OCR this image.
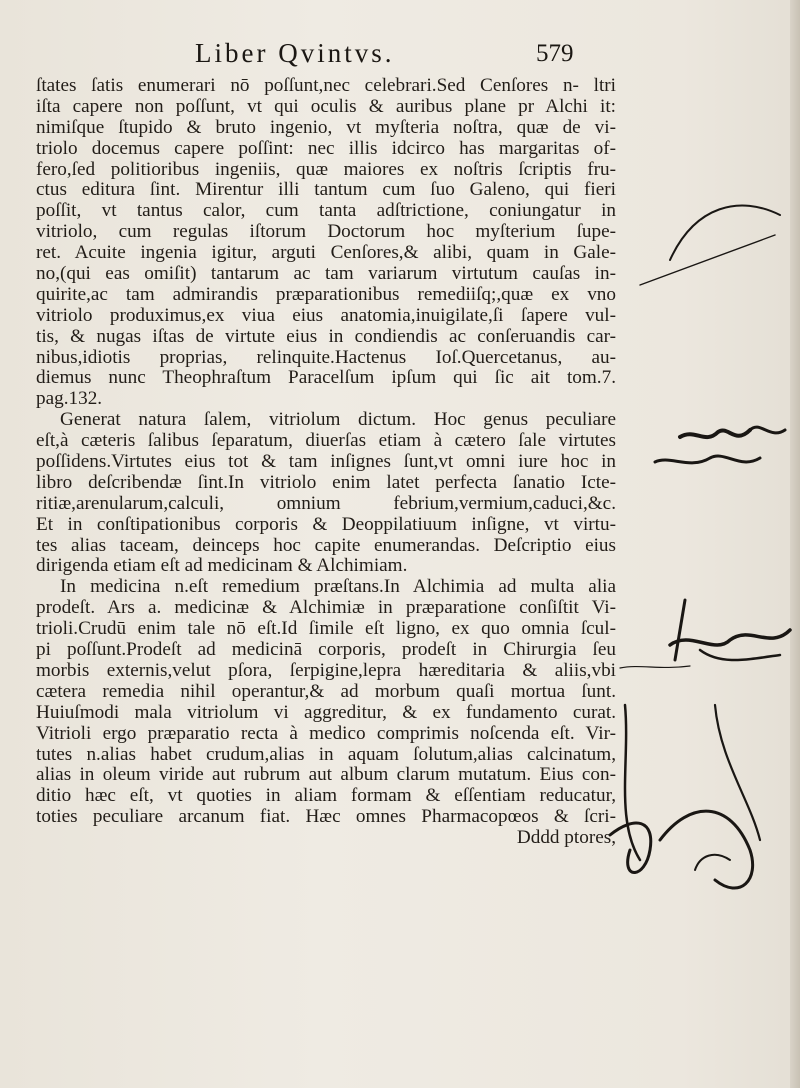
Liber Qvintvs.	579
ſtates ſatis enumerari nō poſſunt,nec celebrari.Sed Cenſores n- ltri
iſta capere non poſſunt, vt qui oculis & auribus plane pr Alchi it:
nimiſque ſtupido & bruto ingenio, vt myſteria noſtra, quæ de vi-
triolo docemus capere poſſint: nec illis idcirco has margaritas of-
fero,ſed politioribus ingeniis, quæ maiores ex noſtris ſcriptis fru-
ctus editura ſint. Mirentur illi tantum cum ſuo Galeno, qui fieri
poſſit, vt tantus calor, cum tanta adſtrictione, coniungatur in
vitriolo, cum regulas iſtorum Doctorum hoc myſterium ſupe-
ret. Acuite ingenia igitur, arguti Cenſores,& alibi, quam in Gale-
no,(qui eas omiſit) tantarum ac tam variarum virtutum cauſas in-
quirite,ac tam admirandis præparationibus remediiſq;,quæ ex vno
vitriolo produximus,ex viua eius anatomia,inuigilate,ſi ſapere vul-
tis, & nugas iſtas de virtute eius in condiendis ac conſeruandis car-
nibus,idiotis proprias, relinquite.Hactenus Ioſ.Quercetanus, au-
diemus nunc Theophraſtum Paracelſum ipſum qui ſic ait tom.7.
pag.132.
Generat natura ſalem, vitriolum dictum. Hoc genus peculiare
eſt,à cæteris ſalibus ſeparatum, diuerſas etiam à cætero ſale virtutes
poſſidens.Virtutes eius tot & tam inſignes ſunt,vt omni iure hoc in
libro deſcribendæ ſint.In vitriolo enim latet perfecta ſanatio Icte-
ritiæ,arenularum,calculi, omnium febrium,vermium,caduci,&c.
Et in conſtipationibus corporis & Deoppilatiuum inſigne, vt virtu-
tes alias taceam, deinceps hoc capite enumerandas. Deſcriptio eius
dirigenda etiam eſt ad medicinam & Alchimiam.
In medicina n.eſt remedium præſtans.In Alchimia ad multa alia
prodeſt. Ars a. medicinæ & Alchimiæ in præparatione conſiſtit Vi-
trioli.Crudū enim tale nō eſt.Id ſimile eſt ligno, ex quo omnia ſcul-
pi poſſunt.Prodeſt ad medicinā corporis, prodeſt in Chirurgia ſeu
morbis externis,velut pſora, ſerpigine,lepra hæreditaria & aliis,vbi
cætera remedia nihil operantur,& ad morbum quaſi mortua ſunt.
Huiuſmodi mala vitriolum vi aggreditur, & ex fundamento curat.
Vitrioli ergo præparatio recta à medico comprimis noſcenda eſt. Vir-
tutes n.alias habet crudum,alias in aquam ſolutum,alias calcinatum,
alias in oleum viride aut rubrum aut album clarum mutatum. Eius con-
ditio hæc eſt, vt quoties in aliam formam & eſſentiam reducatur,
toties peculiare arcanum fiat. Hæc omnes Pharmacopœos & ſcri-
Dddd ptores,
